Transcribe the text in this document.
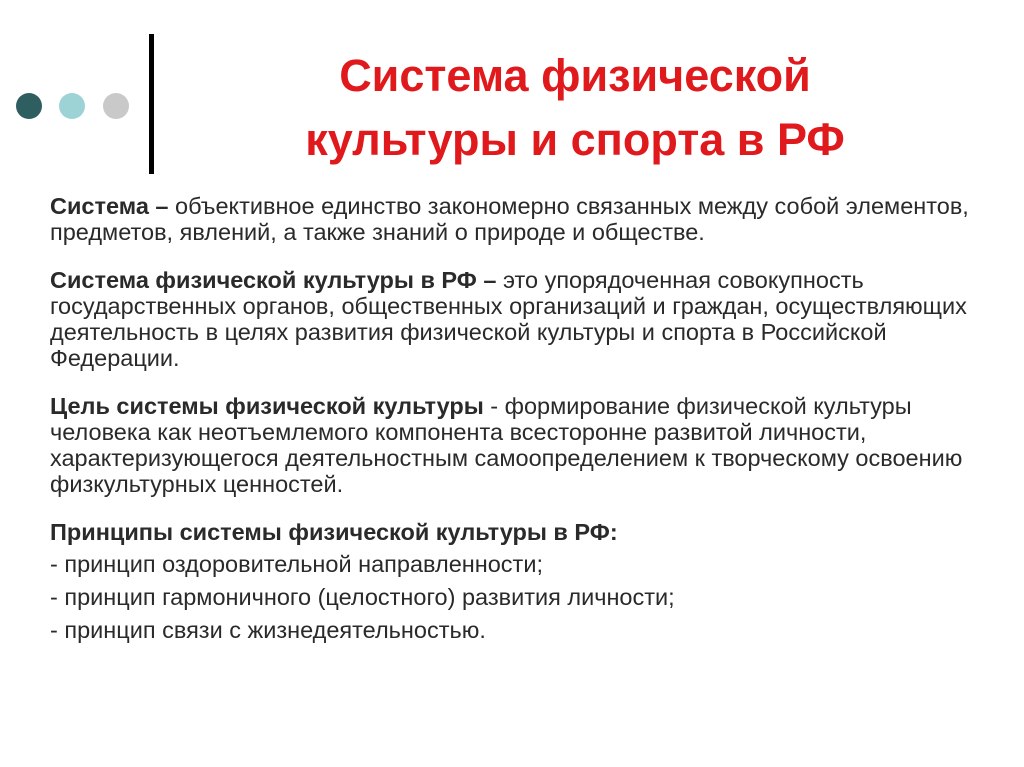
Система физической
культуры и спорта в РФ

Система – объективное единство закономерно связанных между собой элементов, предметов, явлений, а также знаний о природе и обществе.

Система физической культуры в РФ – это упорядоченная совокупность государственных органов, общественных организаций и граждан, осуществляющих деятельность в целях развития физической культуры и спорта в Российской Федерации.

Цель системы физической культуры - формирование физической культуры человека как неотъемлемого компонента всесторонне развитой личности, характеризующегося деятельностным самоопределением к творческому освоению физкультурных ценностей.

Принципы системы физической культуры в РФ:

- принцип оздоровительной направленности;

- принцип гармоничного (целостного) развития личности;

- принцип связи с жизнедеятельностью.
